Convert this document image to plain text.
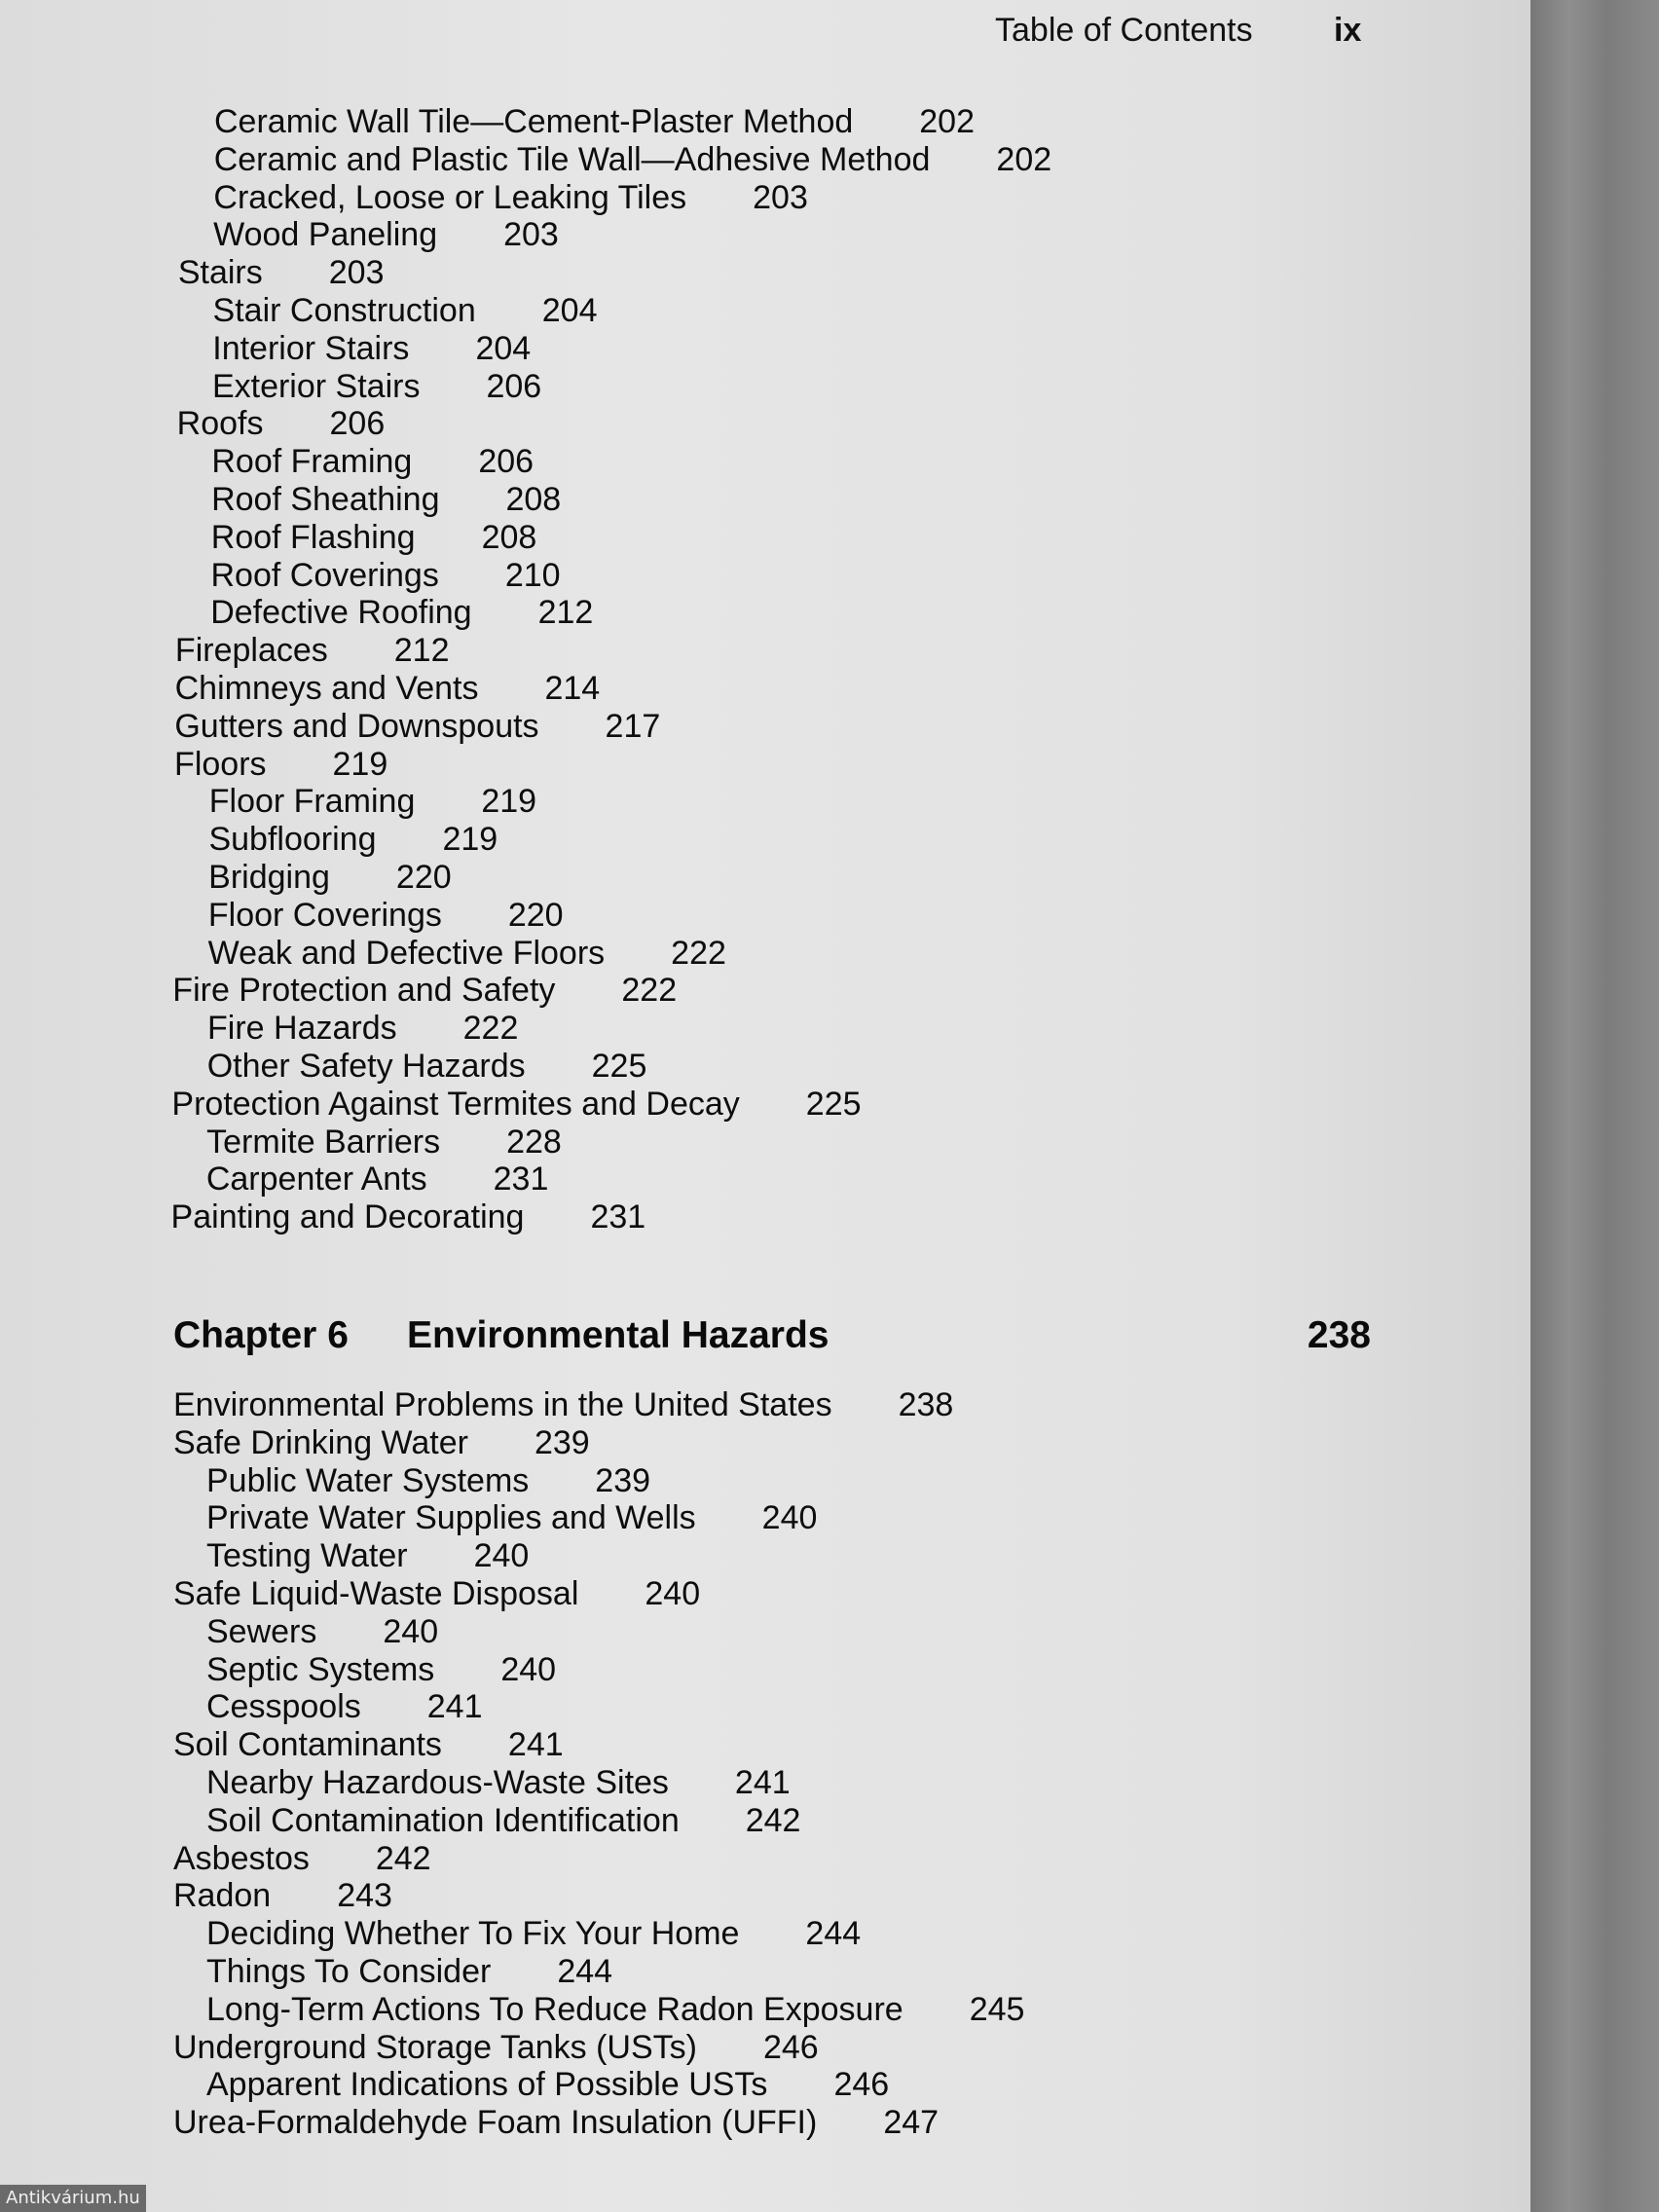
Table of Contents ix
Ceramic Wall Tile—Cement-Plaster Method 202
Ceramic and Plastic Tile Wall—Adhesive Method 202
Cracked, Loose or Leaking Tiles 203
Wood Paneling 203
Stairs 203
Stair Construction 204
Interior Stairs 204
Exterior Stairs 206
Roofs 206
Roof Framing 206
Roof Sheathing 208
Roof Flashing 208
Roof Coverings 210
Defective Roofing 212
Fireplaces 212
Chimneys and Vents 214
Gutters and Downspouts 217
Floors 219
Floor Framing 219
Subflooring 219
Bridging 220
Floor Coverings 220
Weak and Defective Floors 222
Fire Protection and Safety 222
Fire Hazards 222
Other Safety Hazards 225
Protection Against Termites and Decay 225
Termite Barriers 228
Carpenter Ants 231
Painting and Decorating 231
Chapter 6 Environmental Hazards	238
Environmental Problems in the United States 238
Safe Drinking Water 239
Public Water Systems 239
Private Water Supplies and Wells 240
Testing Water 240
Safe Liquid-Waste Disposal 240
Sewers 240
Septic Systems 240
Cesspools 241
Soil Contaminants 241
Nearby Hazardous-Waste Sites 241
Soil Contamination Identification 242
Asbestos 242
Radon 243
Deciding Whether To Fix Your Home 244
Things To Consider 244
Long-Term Actions To Reduce Radon Exposure 245
Underground Storage Tanks (USTs) 246
Apparent Indications of Possible USTs 246
Urea-Formaldehyde Foam Insulation (UFFI) 247
Antikvárium.hu
